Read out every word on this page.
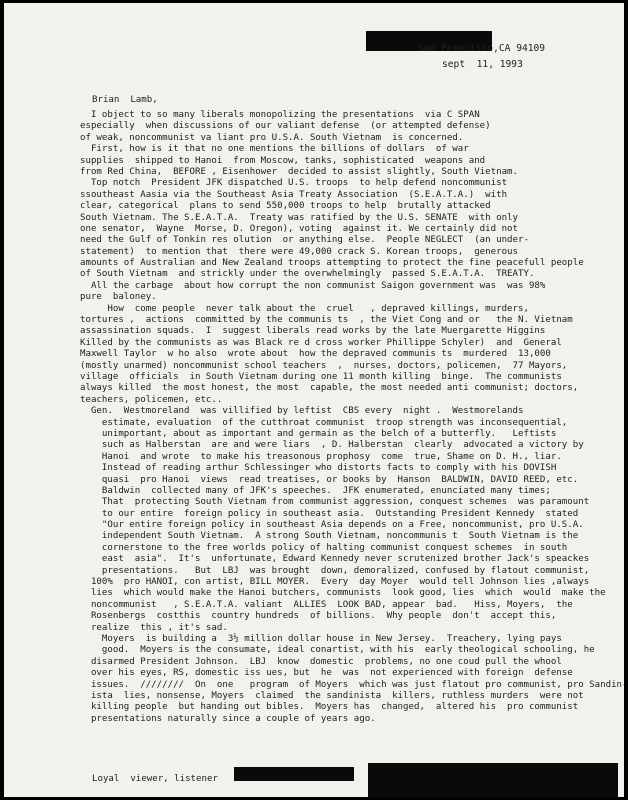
San Francisco,CA 94109
sept  11, 1993
Brian  Lamb,
I object to so many liberals monopolizing the presentations  via C SPAN
especially  when discussions of our valiant defense  (or attempted defense)
of weak, noncommunist va liant pro U.S.A. South Vietnam  is concerned.
First, how is it that no one mentions the billions of dollars  of war
supplies  shipped to Hanoi  from Moscow, tanks, sophisticated  weapons and
from Red China,  BEFORE , Eisenhower  decided to assist slightly, South Vietnam.
Top notch  President JFK dispatched U.S. troops  to help defend noncommunist
ssoutheast Aasia via the Southeast Asia Treaty Association  (S.E.A.T.A.)  with
clear, categorical  plans to send 550,000 troops to help  brutally attacked
South Vietnam. The S.E.A.T.A.  Treaty was ratified by the U.S. SENATE  with only
one senator,  Wayne  Morse, D. Oregon), voting  against it. We certainly did not
need the Gulf of Tonkin res olution  or anything else.  People NEGLECT  (an under-
statement)  to mention that  there were 49,000 crack S. Korean troops,  generous
amounts of Australian and New Zealand troops attempting to protect the fine peacefull people
of South Vietnam  and strickly under the overwhelmingly  passed S.E.A.T.A.  TREATY.
All the carbage  about how corrupt the non communist Saigon government was  was 98%
pure  baloney.
How  come people  never talk about the  cruel   , depraved killings, murders,
tortures ,  actions  committed by the communis ts  , the Viet Cong and or   the N. Vietnam
assassination squads.  I  suggest liberals read works by the late Muergarette Higgins
Killed by the communists as was Black re d cross worker Phillippe Schyler)  and  General
Maxwell Taylor  w ho also  wrote about  how the depraved communis ts  murdered  13,000
(mostly unarmed) noncommunist school teachers  ,  nurses, doctors, policemen,  77 Mayors,
village  officials  in South Vietnam during one 11 month killing  binge.  The communists
always killed  the most honest, the most  capable, the most needed anti communist; doctors,
teachers, policemen, etc..
Gen.  Westmoreland  was villified by leftist  CBS every  night .  Westmorelands
estimate, evaluation  of the cutthroat communist  troop strength was inconsequential,
unimportant, about as important and germain as the belch of a butterfly.   Leftists
such as Halberstan  are and were liars  , D. Halberstan  clearly  advocated a victory by
Hanoi  and wrote  to make his treasonous prophosy  come  true, Shame on D. H., liar.
Instead of reading arthur Schlessinger who distorts facts to comply with his DOVISH
quasi  pro Hanoi  views  read treatises, or books by  Hanson  BALDWIN, DAVID REED, etc.
Baldwin  collected many of JFK's speeches.  JFK enumerated, enunciated many times;
That  protecting South Vietnam from communist aggression, conquest schemes  was paramount
to our entire  foreign policy in southeast asia.  Outstanding President Kennedy  stated
"Our entire foreign policy in southeast Asia depends on a Free, noncommunist, pro U.S.A.
independent South Vietnam.  A strong South Vietnam, noncommunis t  South Vietnam is the
cornerstone to the free worlds policy of halting communist conquest schemes  in south
east  asia".  It's  unfortunate, Edward Kennedy never scrutenized brother Jack's speackes
presentations.   But  LBJ  was brought  down, demoralized, confused by flatout communist,
100%  pro HANOI, con artist, BILL MOYER.  Every  day Moyer  would tell Johnson lies ,always
lies  which would make the Hanoi butchers, communists  look good, lies  which  would  make the
noncommunist   , S.E.A.T.A. valiant  ALLIES  LOOK BAD, appear  bad.   Hiss, Moyers,  the
Rosenbergs  costthis  country hundreds  of billions.  Why people  don't  accept this,
realize  this , it's sad.
Moyers  is building a  3½ million dollar house in New Jersey.  Treachery, lying pays
good.  Moyers is the consumate, ideal conartist, with his  early theological schooling, he
disarmed President Johnson.  LBJ  know  domestic  problems, no one coud pull the whool
over his eyes, RS, domestic iss ues, but  he  was  not experienced with foreign  defense
issues.  ////////  On  one   program  of Moyers  which was just flatout pro communist, pro Sandin-
ista  lies, nonsense, Moyers  claimed  the sandinista  killers, ruthless murders  were not
killing people  but handing out bibles.  Moyers has  changed,  altered his  pro communist
presentations naturally since a couple of years ago.
Loyal  viewer, listener
